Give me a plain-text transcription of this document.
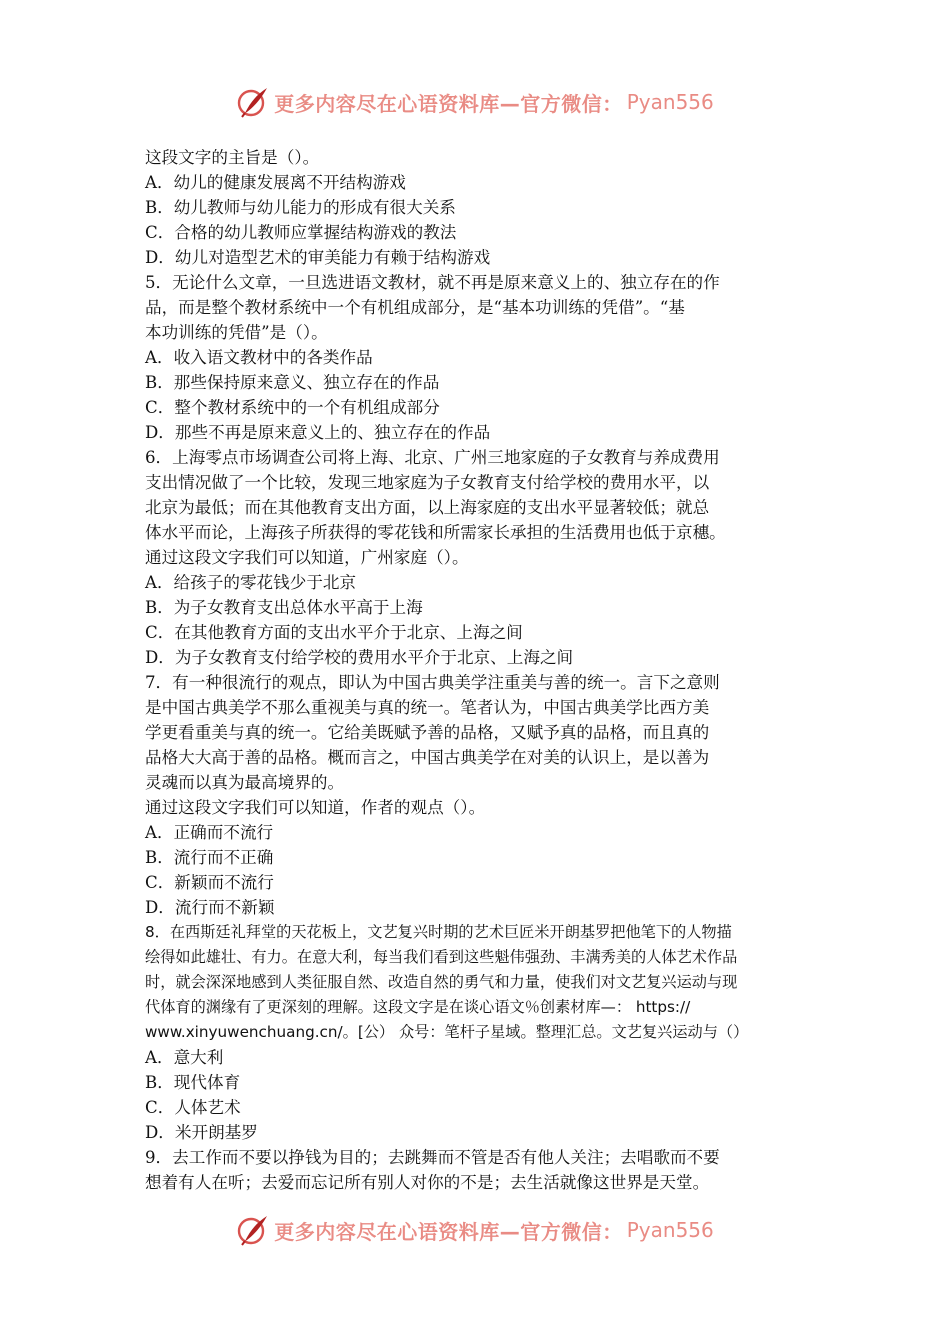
更多内容尽在心语资料库—官方微信： Pyan556
这段文字的主旨是（）。
A．幼儿的健康发展离不开结构游戏
B．幼儿教师与幼儿能力的形成有很大关系
C．合格的幼儿教师应掌握结构游戏的教法
D．幼儿对造型艺术的审美能力有赖于结构游戏
5．无论什么文章，一旦选进语文教材，就不再是原来意义上的、独立存在的作
品，而是整个教材系统中一个有机组成部分，是“基本功训练的凭借”。“基
本功训练的凭借”是（）。
A．收入语文教材中的各类作品
B．那些保持原来意义、独立存在的作品
C．整个教材系统中的一个有机组成部分
D．那些不再是原来意义上的、独立存在的作品
6．上海零点市场调查公司将上海、北京、广州三地家庭的子女教育与养成费用
支出情况做了一个比较，发现三地家庭为子女教育支付给学校的费用水平，以
北京为最低；而在其他教育支出方面，以上海家庭的支出水平显著较低；就总
体水平而论，上海孩子所获得的零花钱和所需家长承担的生活费用也低于京穗。
通过这段文字我们可以知道，广州家庭（）。
A．给孩子的零花钱少于北京
B．为子女教育支出总体水平高于上海
C．在其他教育方面的支出水平介于北京、上海之间
D．为子女教育支付给学校的费用水平介于北京、上海之间
7．有一种很流行的观点，即认为中国古典美学注重美与善的统一。言下之意则
是中国古典美学不那么重视美与真的统一。笔者认为，中国古典美学比西方美
学更看重美与真的统一。它给美既赋予善的品格，又赋予真的品格，而且真的
品格大大高于善的品格。概而言之，中国古典美学在对美的认识上，是以善为
灵魂而以真为最高境界的。
通过这段文字我们可以知道，作者的观点（）。
A．正确而不流行
B．流行而不正确
C．新颖而不流行
D．流行而不新颖
8．在西斯廷礼拜堂的天花板上，文艺复兴时期的艺术巨匠米开朗基罗把他笔下的人物描
绘得如此雄壮、有力。在意大利，每当我们看到这些魁伟强劲、丰满秀美的人体艺术作品
时，就会深深地感到人类征服自然、改造自然的勇气和力量，使我们对文艺复兴运动与现
代体育的渊缘有了更深刻的理解。这段文字是在谈心语文％创素材库—： https://
www.xinyuwenchuang.cn/。[公） 众号：笔杆子星域。整理汇总。文艺复兴运动与（）
A．意大利
B．现代体育
C．人体艺术
D．米开朗基罗
9．去工作而不要以挣钱为目的；去跳舞而不管是否有他人关注；去唱歌而不要
想着有人在听；去爱而忘记所有别人对你的不是；去生活就像这世界是天堂。
更多内容尽在心语资料库—官方微信： Pyan556
